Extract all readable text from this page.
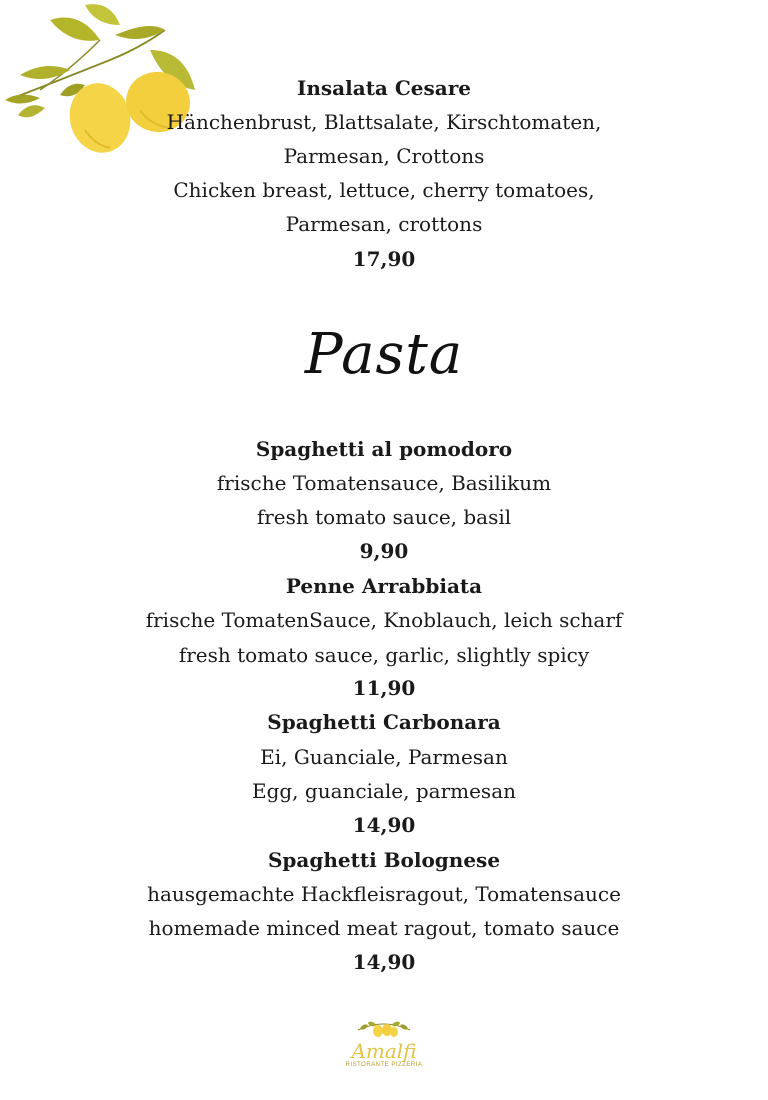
Insalata Cesare
Hänchenbrust, Blattsalate, Kirschtomaten,
Parmesan, Crottons
Chicken breast, lettuce, cherry tomatoes,
Parmesan, crottons
17,90
Pasta
Spaghetti al pomodoro
frische Tomatensauce, Basilikum
fresh tomato sauce, basil
9,90
Penne Arrabbiata
frische TomatenSauce, Knoblauch, leich scharf
fresh tomato sauce, garlic, slightly spicy
11,90
Spaghetti Carbonara
Ei, Guanciale, Parmesan
Egg, guanciale, parmesan
14,90
Spaghetti Bolognese
hausgemachte Hackfleisragout, Tomatensauce
homemade minced meat ragout, tomato sauce
14,90
Amalfi
RISTORANTE PIZZERIA
